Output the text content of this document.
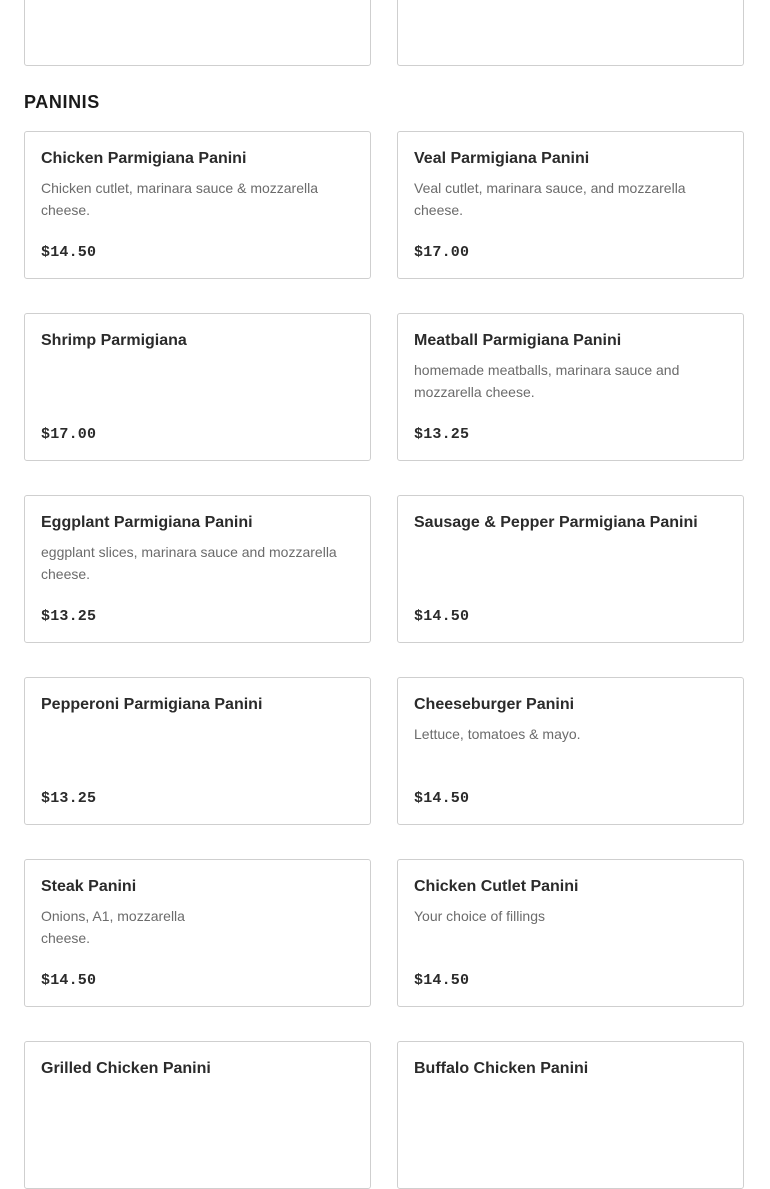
PANINIS
Chicken Parmigiana Panini
Chicken cutlet, marinara sauce & mozzarella cheese.
$14.50
Veal Parmigiana Panini
Veal cutlet, marinara sauce, and mozzarella cheese.
$17.00
Shrimp Parmigiana
$17.00
Meatball Parmigiana Panini
homemade meatballs, marinara sauce and mozzarella cheese.
$13.25
Eggplant Parmigiana Panini
eggplant slices, marinara sauce and mozzarella cheese.
$13.25
Sausage & Pepper Parmigiana Panini
$14.50
Pepperoni Parmigiana Panini
$13.25
Cheeseburger Panini
Lettuce, tomatoes & mayo.
$14.50
Steak Panini
Onions, A1, mozzarella
cheese.
$14.50
Chicken Cutlet Panini
Your choice of fillings
$14.50
Grilled Chicken Panini	Buffalo Chicken Panini
